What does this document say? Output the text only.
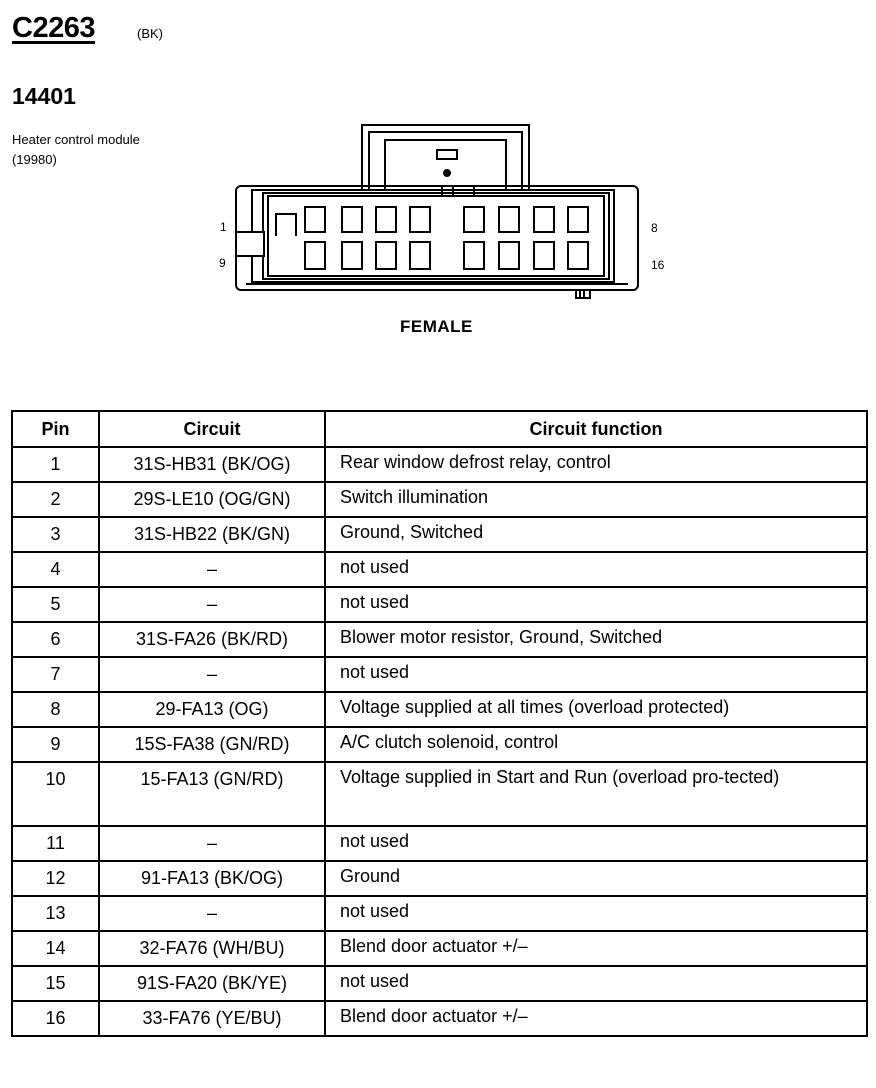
C2263	(BK)
14401
Heater control module (19980)
1
9
8
16
FEMALE
Pin	Circuit	Circuit function
1	31S-HB31 (BK/OG)	Rear window defrost relay, control
2	29S-LE10 (OG/GN)	Switch illumination
3	31S-HB22 (BK/GN)	Ground, Switched
4	–	not used
5	–	not used
6	31S-FA26 (BK/RD)	Blower motor resistor, Ground, Switched
7	–	not used
8	29-FA13 (OG)	Voltage supplied at all times (overload protected)
9	15S-FA38 (GN/RD)	A/C clutch solenoid, control
10	15-FA13 (GN/RD)	Voltage supplied in Start and Run (overload pro-tected)
11	–	not used
12	91-FA13 (BK/OG)	Ground
13	–	not used
14	32-FA76 (WH/BU)	Blend door actuator +/–
15	91S-FA20 (BK/YE)	not used
16	33-FA76 (YE/BU)	Blend door actuator +/–
